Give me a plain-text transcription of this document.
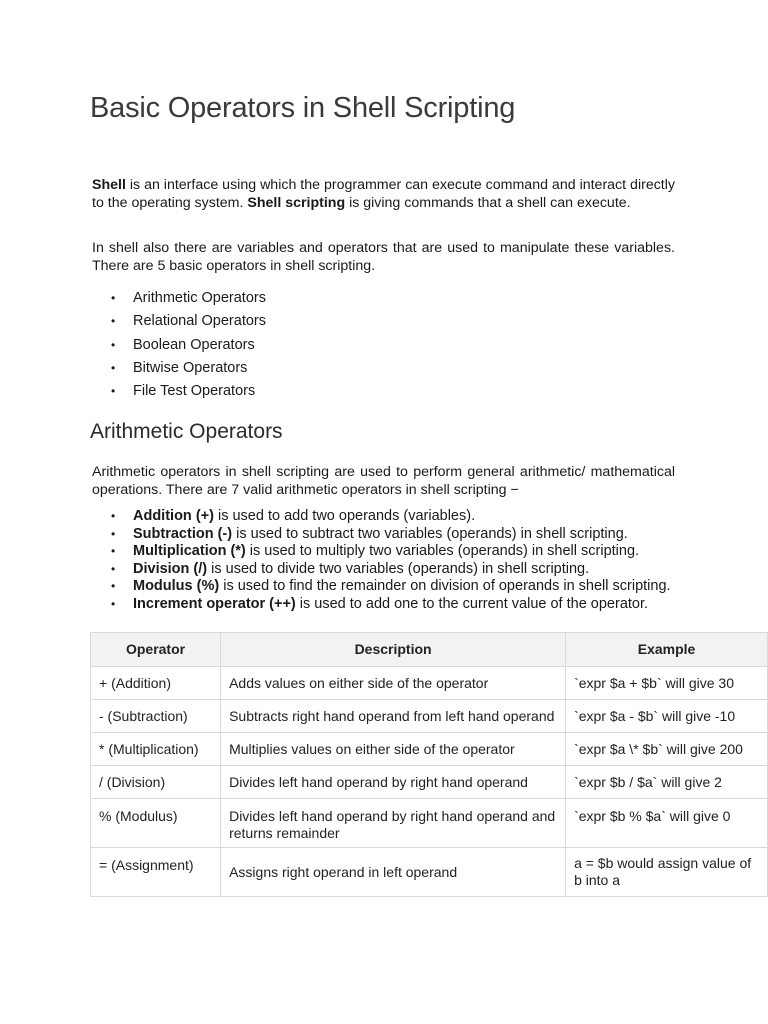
Basic Operators in Shell Scripting

Shell is an interface using which the programmer can execute command and interact directly to the operating system. Shell scripting is giving commands that a shell can execute.

In shell also there are variables and operators that are used to manipulate these variables. There are 5 basic operators in shell scripting.

• Arithmetic Operators
• Relational Operators
• Boolean Operators
• Bitwise Operators
• File Test Operators
Arithmetic Operators

Arithmetic operators in shell scripting are used to perform general arithmetic/ mathematical operations. There are 7 valid arithmetic operators in shell scripting −

• Addition (+) is used to add two operands (variables).
• Subtraction (-) is used to subtract two variables (operands) in shell scripting.
• Multiplication (*) is used to multiply two variables (operands) in shell scripting.
• Division (/) is used to divide two variables (operands) in shell scripting.
• Modulus (%) is used to find the remainder on division of operands in shell scripting.
• Increment operator (++) is used to add one to the current value of the operator.
Operator	Description	Example
+ (Addition)	Adds values on either side of the operator	`expr $a + $b` will give 30
- (Subtraction)	Subtracts right hand operand from left hand operand	`expr $a - $b` will give -10
* (Multiplication)	Multiplies values on either side of the operator	`expr $a \* $b` will give 200
/ (Division)	Divides left hand operand by right hand operand	`expr $b / $a` will give 2
% (Modulus)	Divides left hand operand by right hand operand and returns remainder	`expr $b % $a` will give 0
= (Assignment)	Assigns right operand in left operand	a = $b would assign value of b into a
